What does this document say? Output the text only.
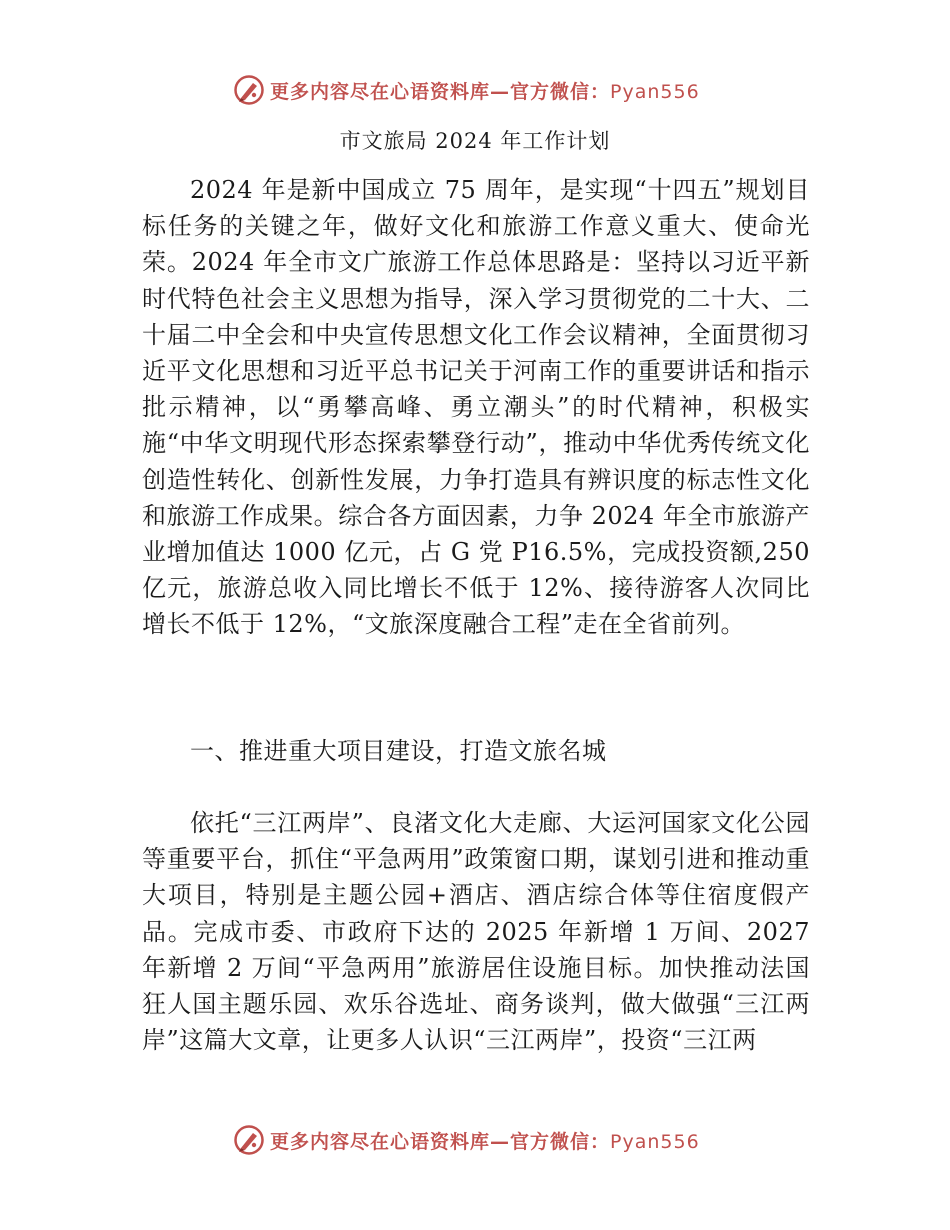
更多内容尽在心语资料库—官方微信：Pyan556
市文旅局 2024 年工作计划

2024 年是新中国成立 75 周年，是实现“十四五”规划目标任务的关键之年，做好文化和旅游工作意义重大、使命光荣。2024 年全市文广旅游工作总体思路是：坚持以习近平新时代特色社会主义思想为指导，深入学习贯彻党的二十大、二十届二中全会和中央宣传思想文化工作会议精神，全面贯彻习近平文化思想和习近平总书记关于河南工作的重要讲话和指示批示精神，以“勇攀高峰、勇立潮头”的时代精神，积极实施“中华文明现代形态探索攀登行动”，推动中华优秀传统文化创造性转化、创新性发展，力争打造具有辨识度的标志性文化和旅游工作成果。综合各方面因素，力争 2024 年全市旅游产业增加值达 1000 亿元，占 G 党 P16.5%，完成投资额,250 亿元，旅游总收入同比增长不低于 12%、接待游客人次同比增长不低于 12%，“文旅深度融合工程”走在全省前列。

一、推进重大项目建设，打造文旅名城

依托“三江两岸”、良渚文化大走廊、大运河国家文化公园等重要平台，抓住“平急两用”政策窗口期，谋划引进和推动重大项目，特别是主题公园+酒店、酒店综合体等住宿度假产品。完成市委、市政府下达的 2025 年新增 1 万间、2027 年新增 2 万间“平急两用”旅游居住设施目标。加快推动法国狂人国主题乐园、欢乐谷选址、商务谈判，做大做强“三江两岸”这篇大文章，让更多人认识“三江两岸”，投资“三江两

更多内容尽在心语资料库—官方微信：Pyan556
